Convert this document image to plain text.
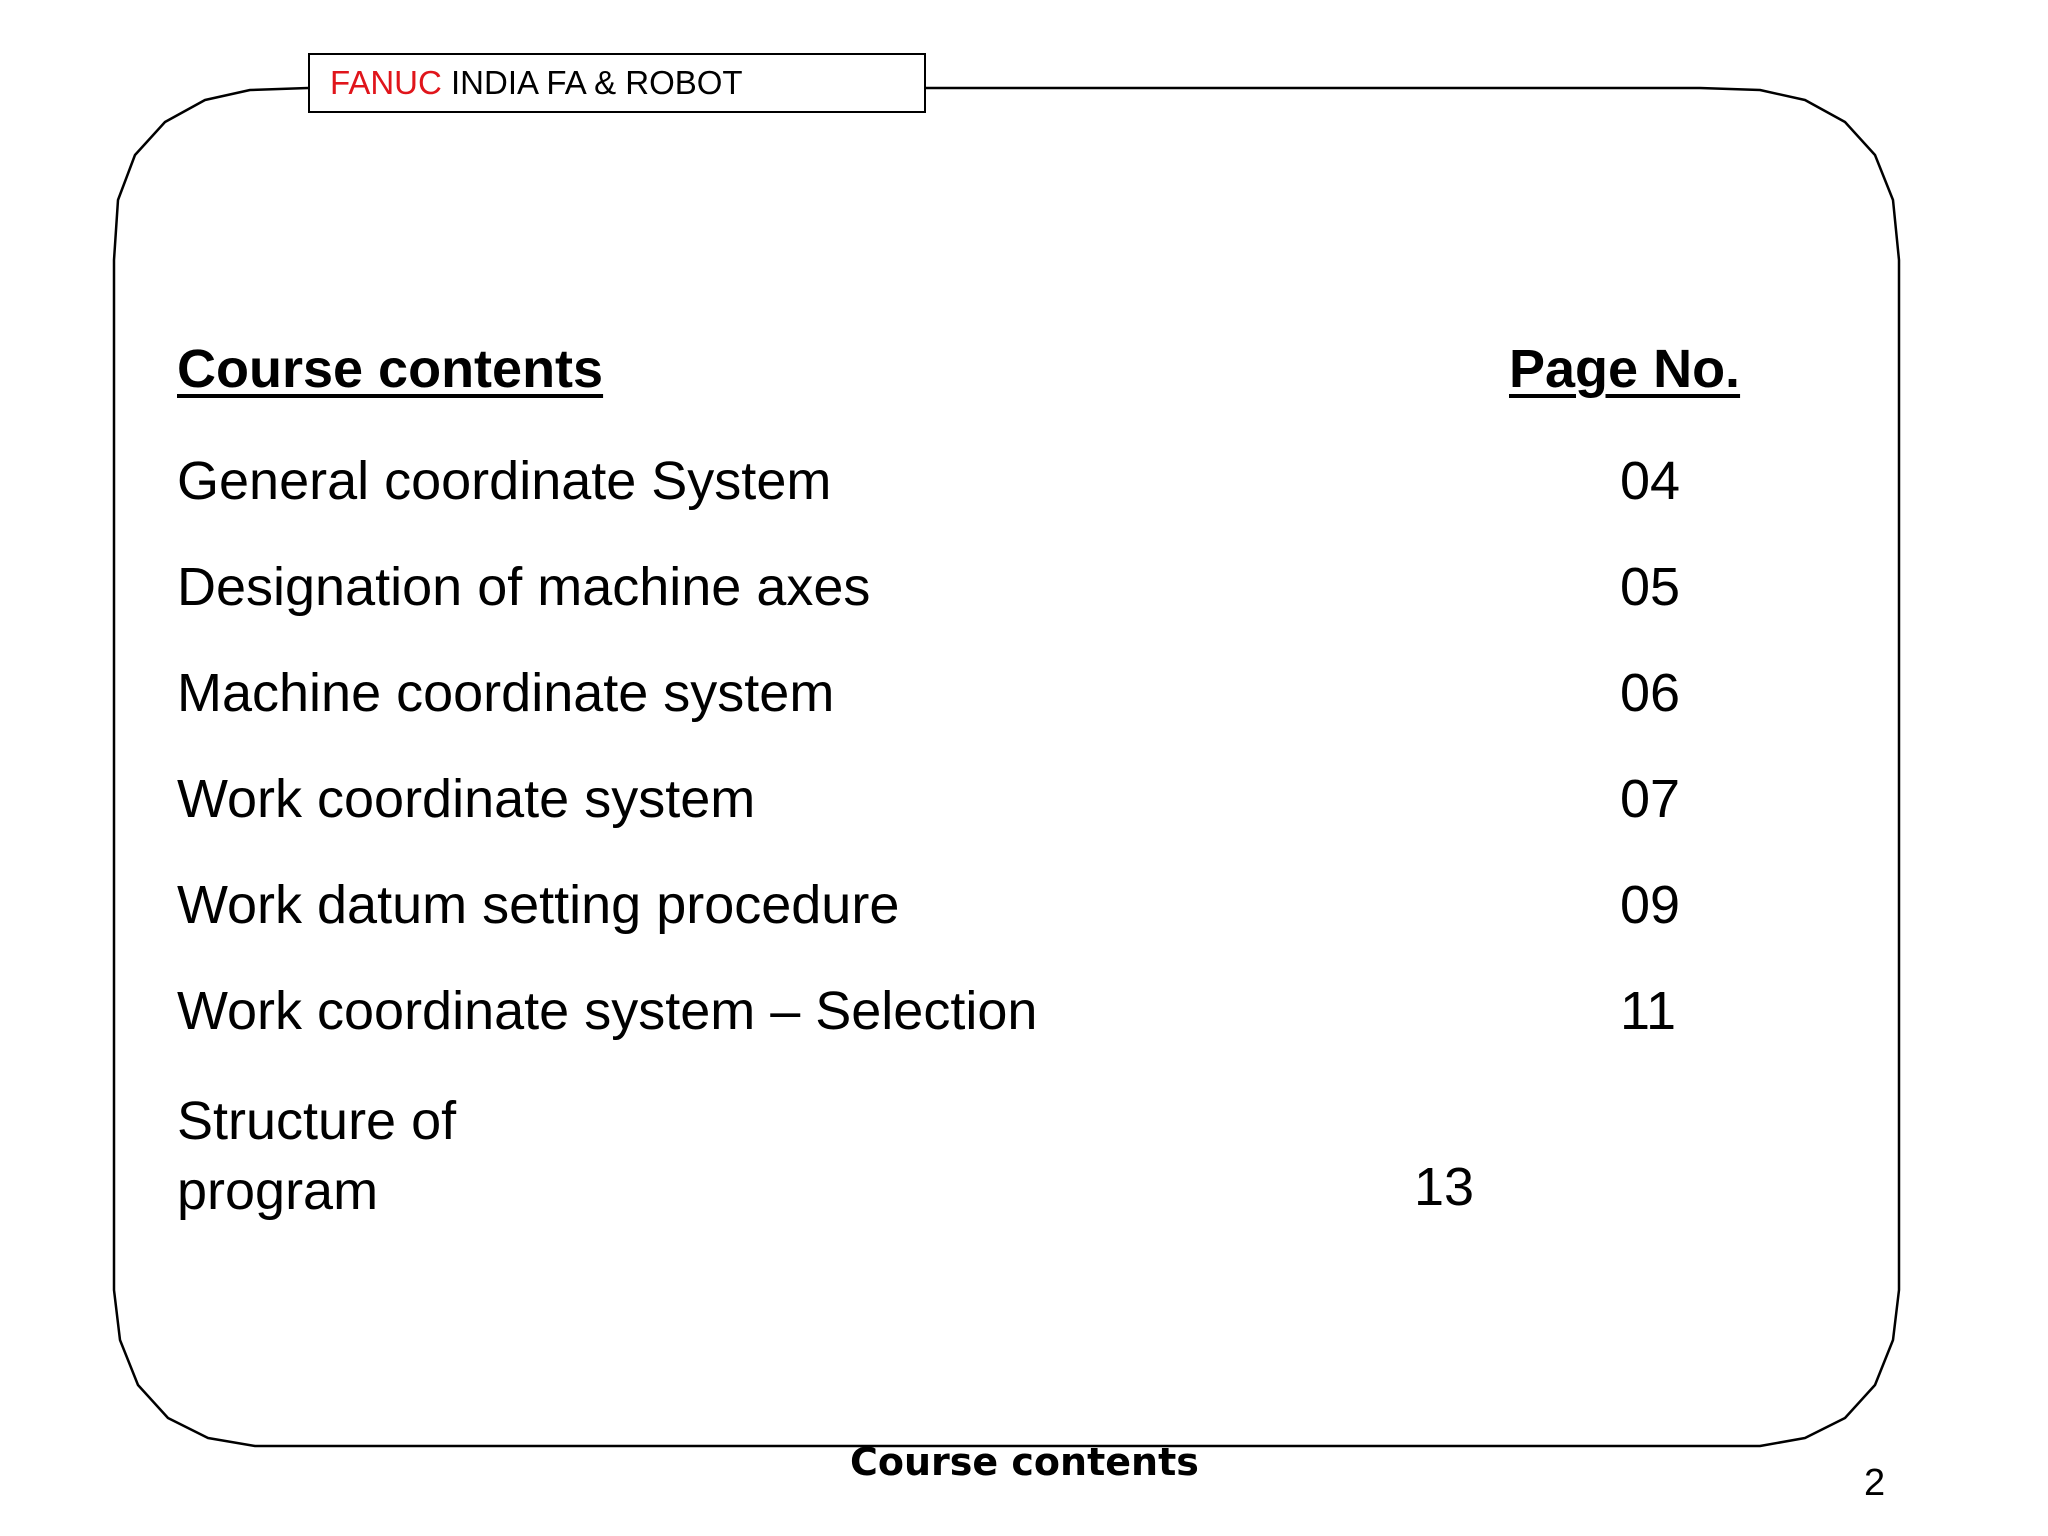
FANUC INDIA FA & ROBOT
Course contents	Page No.
General coordinate System	04
Designation of machine axes	05
Machine coordinate system	06
Work coordinate system	07
Work datum setting procedure	09
Work coordinate system – Selection	11
Structure of program	13
Course contents	2
